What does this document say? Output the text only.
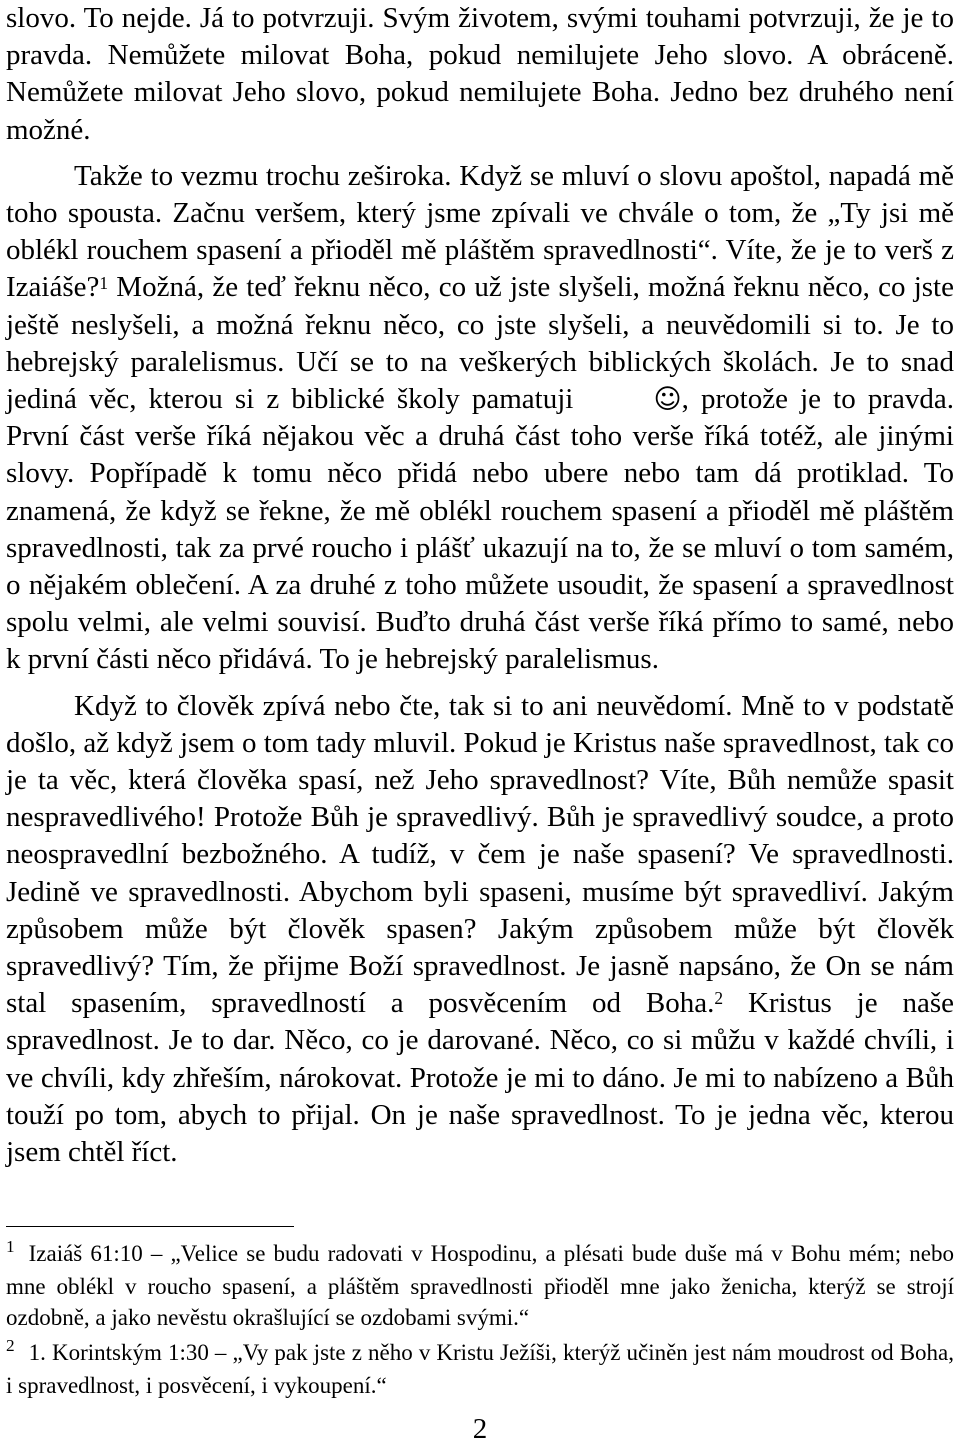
slovo. To nejde. Já to potvrzuji. Svým životem, svými touhami potvrzuji, že je to pravda. Nemůžete milovat Boha, pokud nemilujete Jeho slovo. A obráceně. Nemůžete milovat Jeho slovo, pokud nemilujete Boha. Jedno bez druhého není možné.

Takže to vezmu trochu zeširoka. Když se mluví o slovu apoštol, napadá mě toho spousta. Začnu veršem, který jsme zpívali ve chvále o tom, že „Ty jsi mě oblékl rouchem spasení a přioděl mě pláštěm spravedlnosti“. Víte, že je to verš z Izaiáše?$^1$ Možná, že teď řeknu něco, co už jste slyšeli, možná řeknu něco, co jste ještě neslyšeli, a možná řeknu něco, co jste slyšeli, a neuvědomili si to. Je to hebrejský paralelismus. Učí se to na veškerých biblických školách. Je to snad jediná věc, kterou si z biblické školy pamatuji	☺, protože je to pravda. První část verše říká nějakou věc a druhá část toho verše říká totéž, ale jinými slovy. Popřípadě k tomu něco přidá nebo ubere nebo tam dá protiklad. To znamená, že když se řekne, že mě oblékl rouchem spasení a přioděl mě pláštěm spravedlnosti, tak za prvé roucho i plášť ukazují na to, že se mluví o tom samém, o nějakém oblečení. A za druhé z toho můžete usoudit, že spasení a spravedlnost spolu velmi, ale velmi souvisí. Buďto druhá část verše říká přímo to samé, nebo k první části něco přidává. To je hebrejský paralelismus.

Když to člověk zpívá nebo čte, tak si to ani neuvědomí. Mně to v podstatě došlo, až když jsem o tom tady mluvil. Pokud je Kristus naše spravedlnost, tak co je ta věc, která člověka spasí, než Jeho spravedlnost? Víte, Bůh nemůže spasit nespravedlivého! Protože Bůh je spravedlivý. Bůh je spravedlivý soudce, a proto neospravedlní bezbožného. A tudíž, v čem je naše spasení? Ve spravedlnosti. Jedině ve spravedlnosti. Abychom byli spaseni, musíme být spravedliví. Jakým způsobem může být člověk spasen? Jakým způsobem může být člověk spravedlivý? Tím, že přijme Boží spravedlnost. Je jasně napsáno, že On se nám stal spasením, spravedlností a posvěcením od Boha.$^2$ Kristus je naše spravedlnost. Je to dar. Něco, co je darované. Něco, co si můžu v každé chvíli, i ve chvíli, kdy zhřeším, nárokovat. Protože je mi to dáno. Je mi to nabízeno a Bůh touží po tom, abych to přijal. On je naše spravedlnost. To je jedna věc, kterou jsem chtěl říct.

$^1$ Izaiáš 61:10 – „Velice se budu radovati v Hospodinu, a plésati bude duše má v Bohu mém; nebo mne oblékl v roucho spasení, a pláštěm spravedlnosti přioděl mne jako ženicha, kterýž se strojí ozdobně, a jako nevěstu okrašlující se ozdobami svými.“

$^2$ 1. Korintským 1:30 – „Vy pak jste z něho v Kristu Ježíši, kterýž učiněn jest nám moudrost od Boha, i spravedlnost, i posvěcení, i vykoupení.“

2
